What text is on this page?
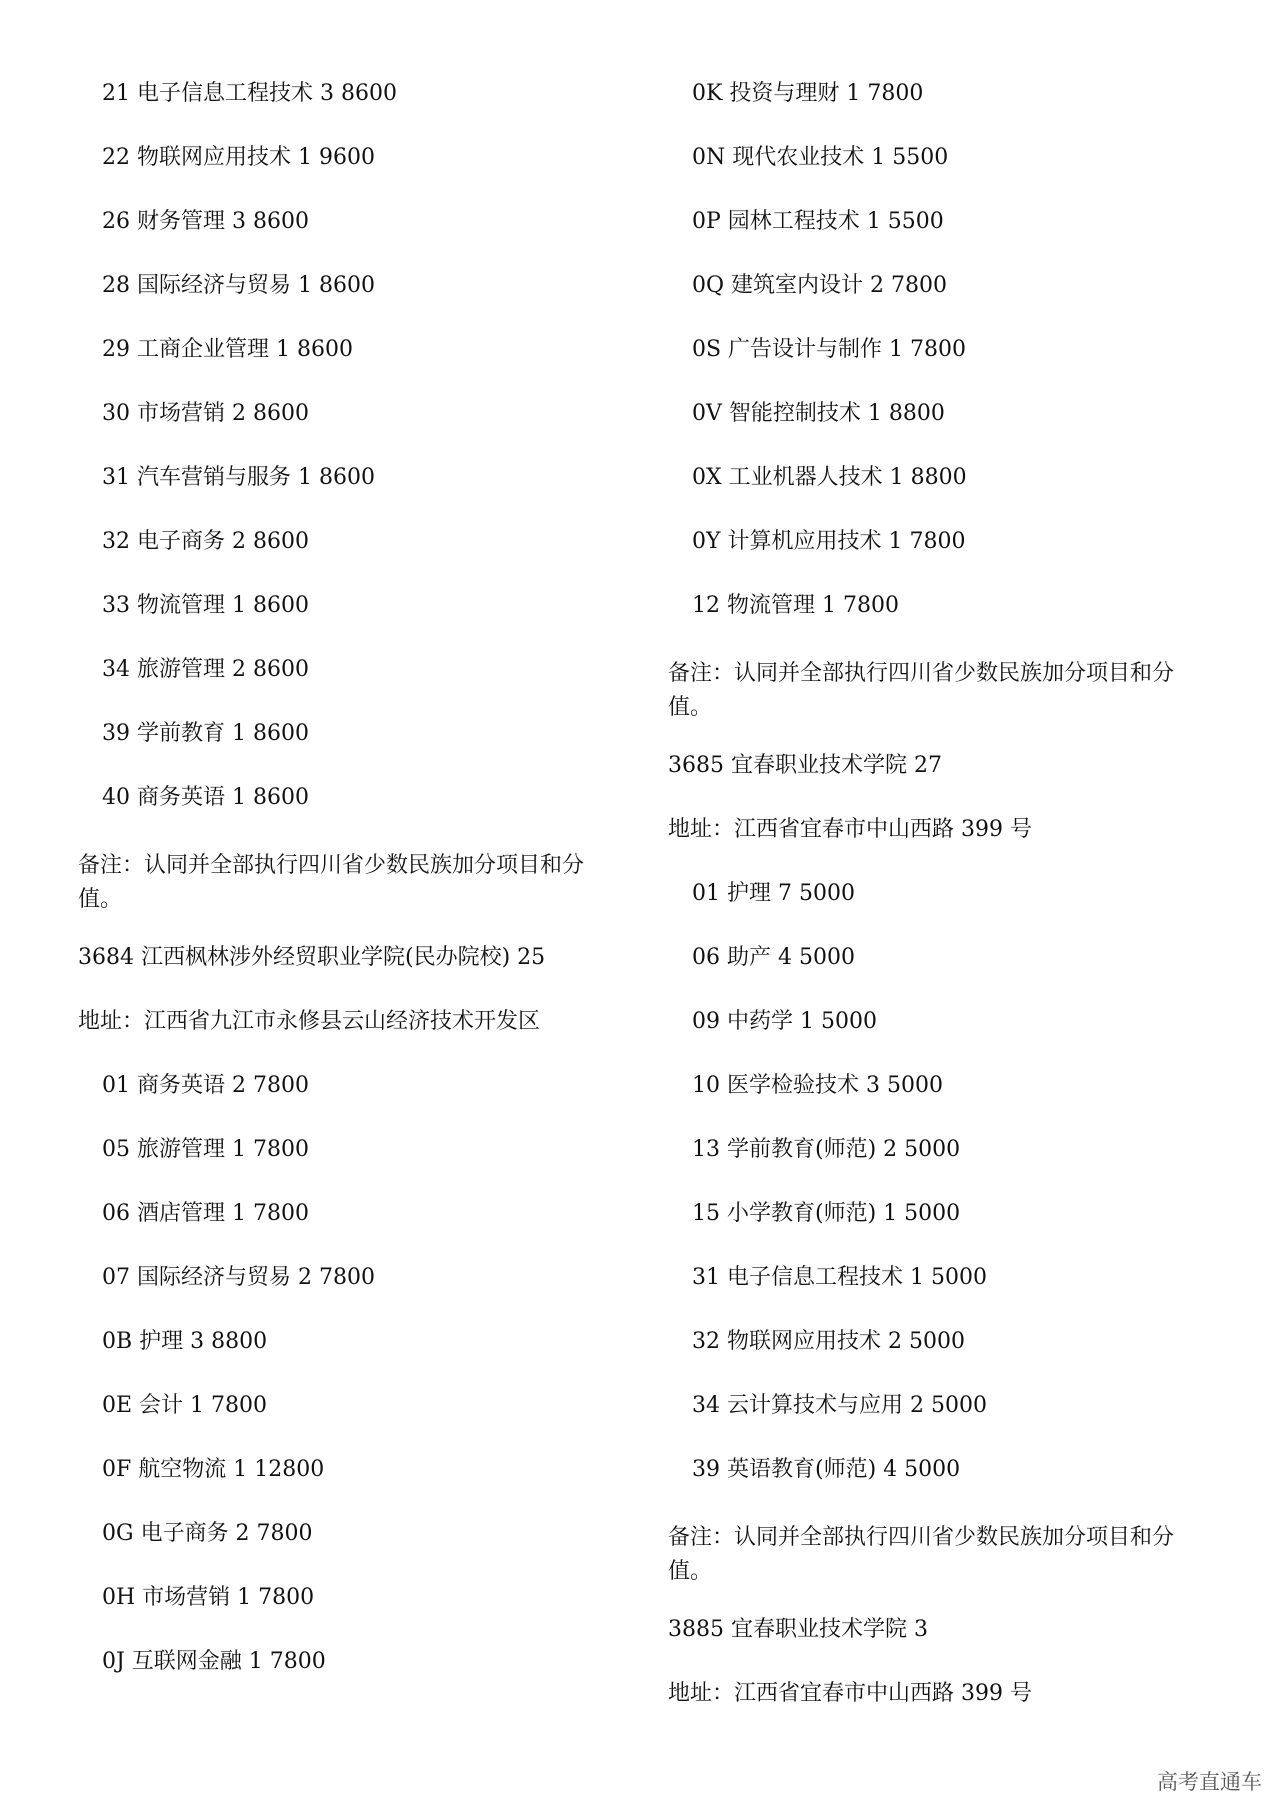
21 电子信息工程技术 3 8600
22 物联网应用技术 1 9600
26 财务管理 3 8600
28 国际经济与贸易 1 8600
29 工商企业管理 1 8600
30 市场营销 2 8600
31 汽车营销与服务 1 8600
32 电子商务 2 8600
33 物流管理 1 8600
34 旅游管理 2 8600
39 学前教育 1 8600
40 商务英语 1 8600
备注：认同并全部执行四川省少数民族加分项目和分值。
3684 江西枫林涉外经贸职业学院(民办院校) 25
地址：江西省九江市永修县云山经济技术开发区
01 商务英语 2 7800
05 旅游管理 1 7800
06 酒店管理 1 7800
07 国际经济与贸易 2 7800
0B 护理 3 8800
0E 会计 1 7800
0F 航空物流 1 12800
0G 电子商务 2 7800
0H 市场营销 1 7800
0J 互联网金融 1 7800
0K 投资与理财 1 7800
0N 现代农业技术 1 5500
0P 园林工程技术 1 5500
0Q 建筑室内设计 2 7800
0S 广告设计与制作 1 7800
0V 智能控制技术 1 8800
0X 工业机器人技术 1 8800
0Y 计算机应用技术 1 7800
12 物流管理 1 7800
备注：认同并全部执行四川省少数民族加分项目和分值。
3685 宜春职业技术学院 27
地址：江西省宜春市中山西路 399 号
01 护理 7 5000
06 助产 4 5000
09 中药学 1 5000
10 医学检验技术 3 5000
13 学前教育(师范) 2 5000
15 小学教育(师范) 1 5000
31 电子信息工程技术 1 5000
32 物联网应用技术 2 5000
34 云计算技术与应用 2 5000
39 英语教育(师范) 4 5000
备注：认同并全部执行四川省少数民族加分项目和分值。
3885 宜春职业技术学院 3
地址：江西省宜春市中山西路 399 号
高考直通车
